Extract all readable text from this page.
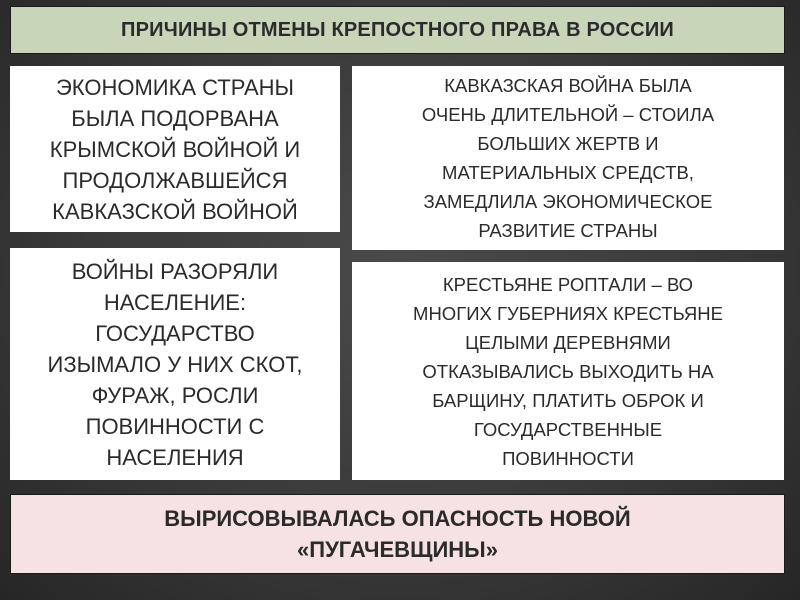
ПРИЧИНЫ ОТМЕНЫ КРЕПОСТНОГО ПРАВА В РОССИИ
ЭКОНОМИКА СТРАНЫ
БЫЛА ПОДОРВАНА
КРЫМСКОЙ ВОЙНОЙ И
ПРОДОЛЖАВШЕЙСЯ
КАВКАЗСКОЙ ВОЙНОЙ
КАВКАЗСКАЯ ВОЙНА БЫЛА
ОЧЕНЬ ДЛИТЕЛЬНОЙ – СТОИЛА
БОЛЬШИХ ЖЕРТВ И
МАТЕРИАЛЬНЫХ СРЕДСТВ,
ЗАМЕДЛИЛА ЭКОНОМИЧЕСКОЕ
РАЗВИТИЕ СТРАНЫ
ВОЙНЫ РАЗОРЯЛИ
НАСЕЛЕНИЕ:
ГОСУДАРСТВО
ИЗЫМАЛО У НИХ СКОТ,
ФУРАЖ, РОСЛИ
ПОВИННОСТИ С
НАСЕЛЕНИЯ
КРЕСТЬЯНЕ РОПТАЛИ – ВО
МНОГИХ ГУБЕРНИЯХ КРЕСТЬЯНЕ
ЦЕЛЫМИ ДЕРЕВНЯМИ
ОТКАЗЫВАЛИСЬ ВЫХОДИТЬ НА
БАРЩИНУ, ПЛАТИТЬ ОБРОК И
ГОСУДАРСТВЕННЫЕ
ПОВИННОСТИ
ВЫРИСОВЫВАЛАСЬ ОПАСНОСТЬ НОВОЙ
«ПУГАЧЕВЩИНЫ»
